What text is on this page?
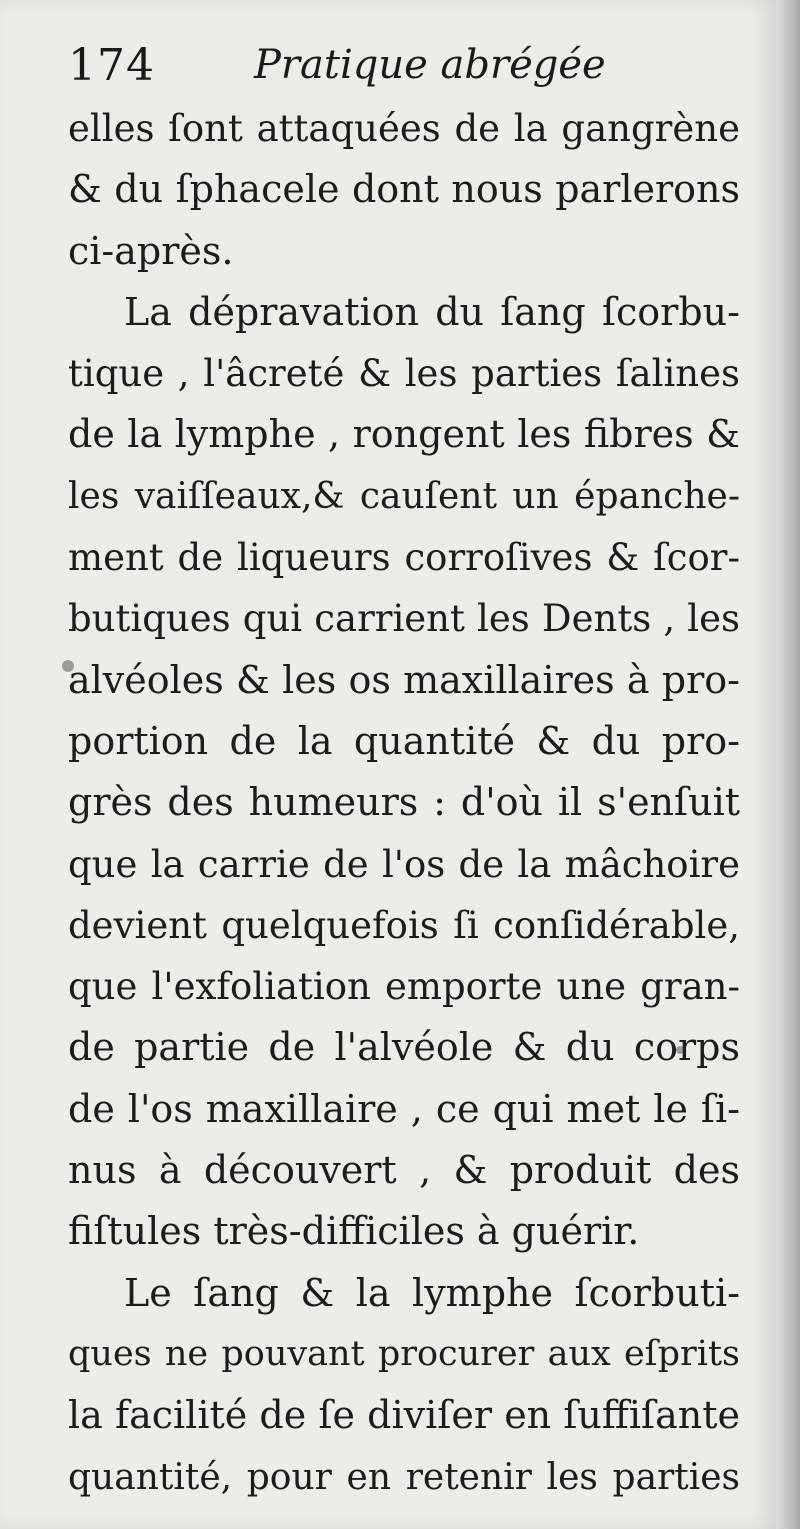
174 Pratique abrégée
elles ſont attaquées de la gangrène
& du ſphacele dont nous parlerons
ci-après.
La dépravation du ſang ſcorbu-
tique , l'âcreté & les parties ſalines
de la lymphe , rongent les fibres &
les vaiſſeaux,& cauſent un épanche-
ment de liqueurs corroſives & ſcor-
butiques qui carrient les Dents , les
alvéoles & les os maxillaires à pro-
portion de la quantité & du pro-
grès des humeurs : d'où il s'enſuit
que la carrie de l'os de la mâchoire
devient quelquefois ſi conſidérable,
que l'exfoliation emporte une gran-
de partie de l'alvéole & du corps
de l'os maxillaire , ce qui met le ſi-
nus à découvert , & produit des
fiſtules très-difficiles à guérir.
Le ſang & la lymphe ſcorbuti-
ques ne pouvant procurer aux eſprits
la facilité de ſe diviſer en ſuffiſante
quantité, pour en retenir les parties
